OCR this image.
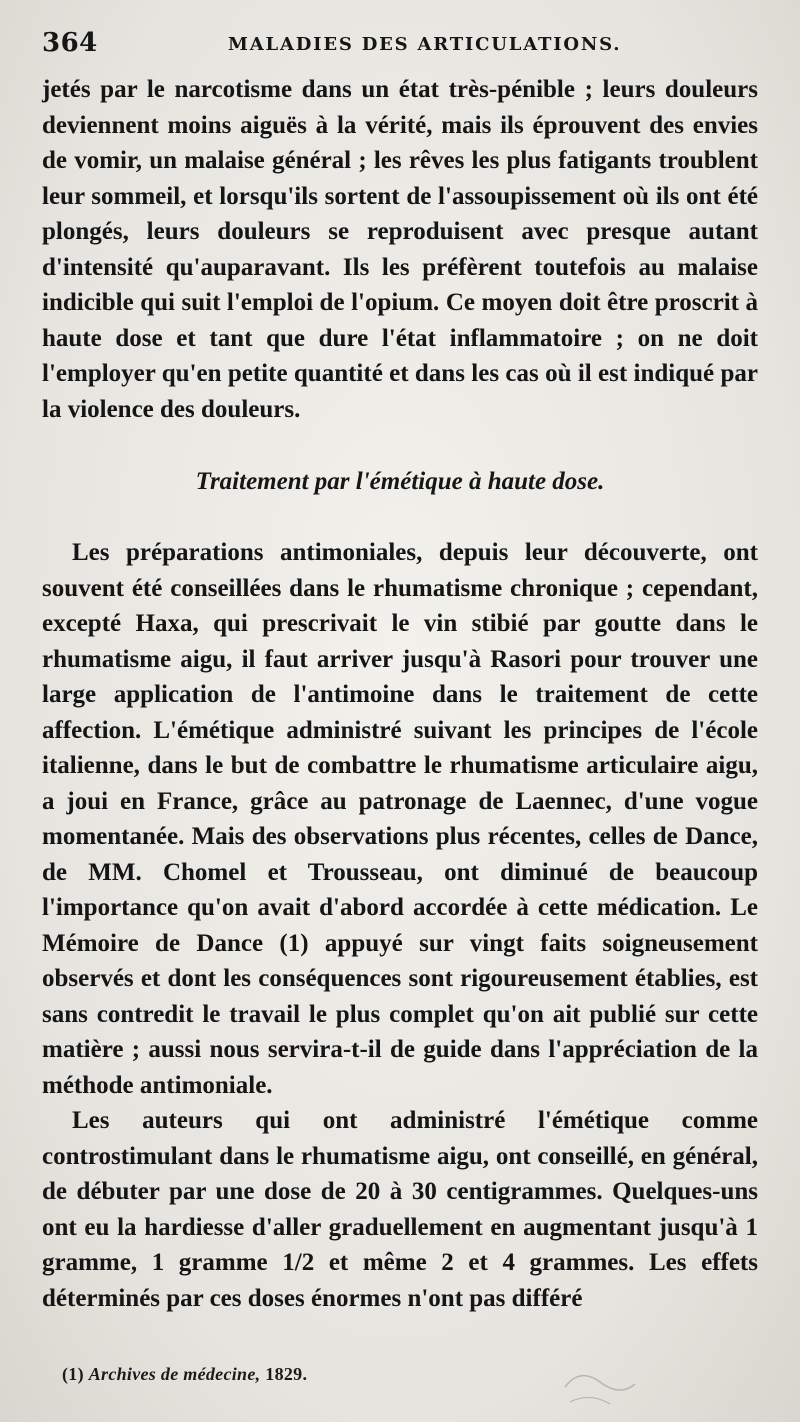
364	MALADIES DES ARTICULATIONS.

jetés par le narcotisme dans un état très-pénible ; leurs douleurs deviennent moins aiguës à la vérité, mais ils éprouvent des envies de vomir, un malaise général ; les rêves les plus fatigants troublent leur sommeil, et lorsqu'ils sortent de l'assoupissement où ils ont été plongés, leurs douleurs se reproduisent avec presque autant d'intensité qu'auparavant. Ils les préfèrent toutefois au malaise indicible qui suit l'emploi de l'opium. Ce moyen doit être proscrit à haute dose et tant que dure l'état inflammatoire ; on ne doit l'employer qu'en petite quantité et dans les cas où il est indiqué par la violence des douleurs.

Traitement par l'émétique à haute dose.

Les préparations antimoniales, depuis leur découverte, ont souvent été conseillées dans le rhumatisme chronique ; cependant, excepté Haxa, qui prescrivait le vin stibié par goutte dans le rhumatisme aigu, il faut arriver jusqu'à Rasori pour trouver une large application de l'antimoine dans le traitement de cette affection. L'émétique administré suivant les principes de l'école italienne, dans le but de combattre le rhumatisme articulaire aigu, a joui en France, grâce au patronage de Laennec, d'une vogue momentanée. Mais des observations plus récentes, celles de Dance, de MM. Chomel et Trousseau, ont diminué de beaucoup l'importance qu'on avait d'abord accordée à cette médication. Le Mémoire de Dance (1) appuyé sur vingt faits soigneusement observés et dont les conséquences sont rigoureusement établies, est sans contredit le travail le plus complet qu'on ait publié sur cette matière ; aussi nous servira-t-il de guide dans l'appréciation de la méthode antimoniale.

Les auteurs qui ont administré l'émétique comme controstimulant dans le rhumatisme aigu, ont conseillé, en général, de débuter par une dose de 20 à 30 centigrammes. Quelques-uns ont eu la hardiesse d'aller graduellement en augmentant jusqu'à 1 gramme, 1 gramme 1/2 et même 2 et 4 grammes. Les effets déterminés par ces doses énormes n'ont pas différé

(1) Archives de médecine, 1829.
